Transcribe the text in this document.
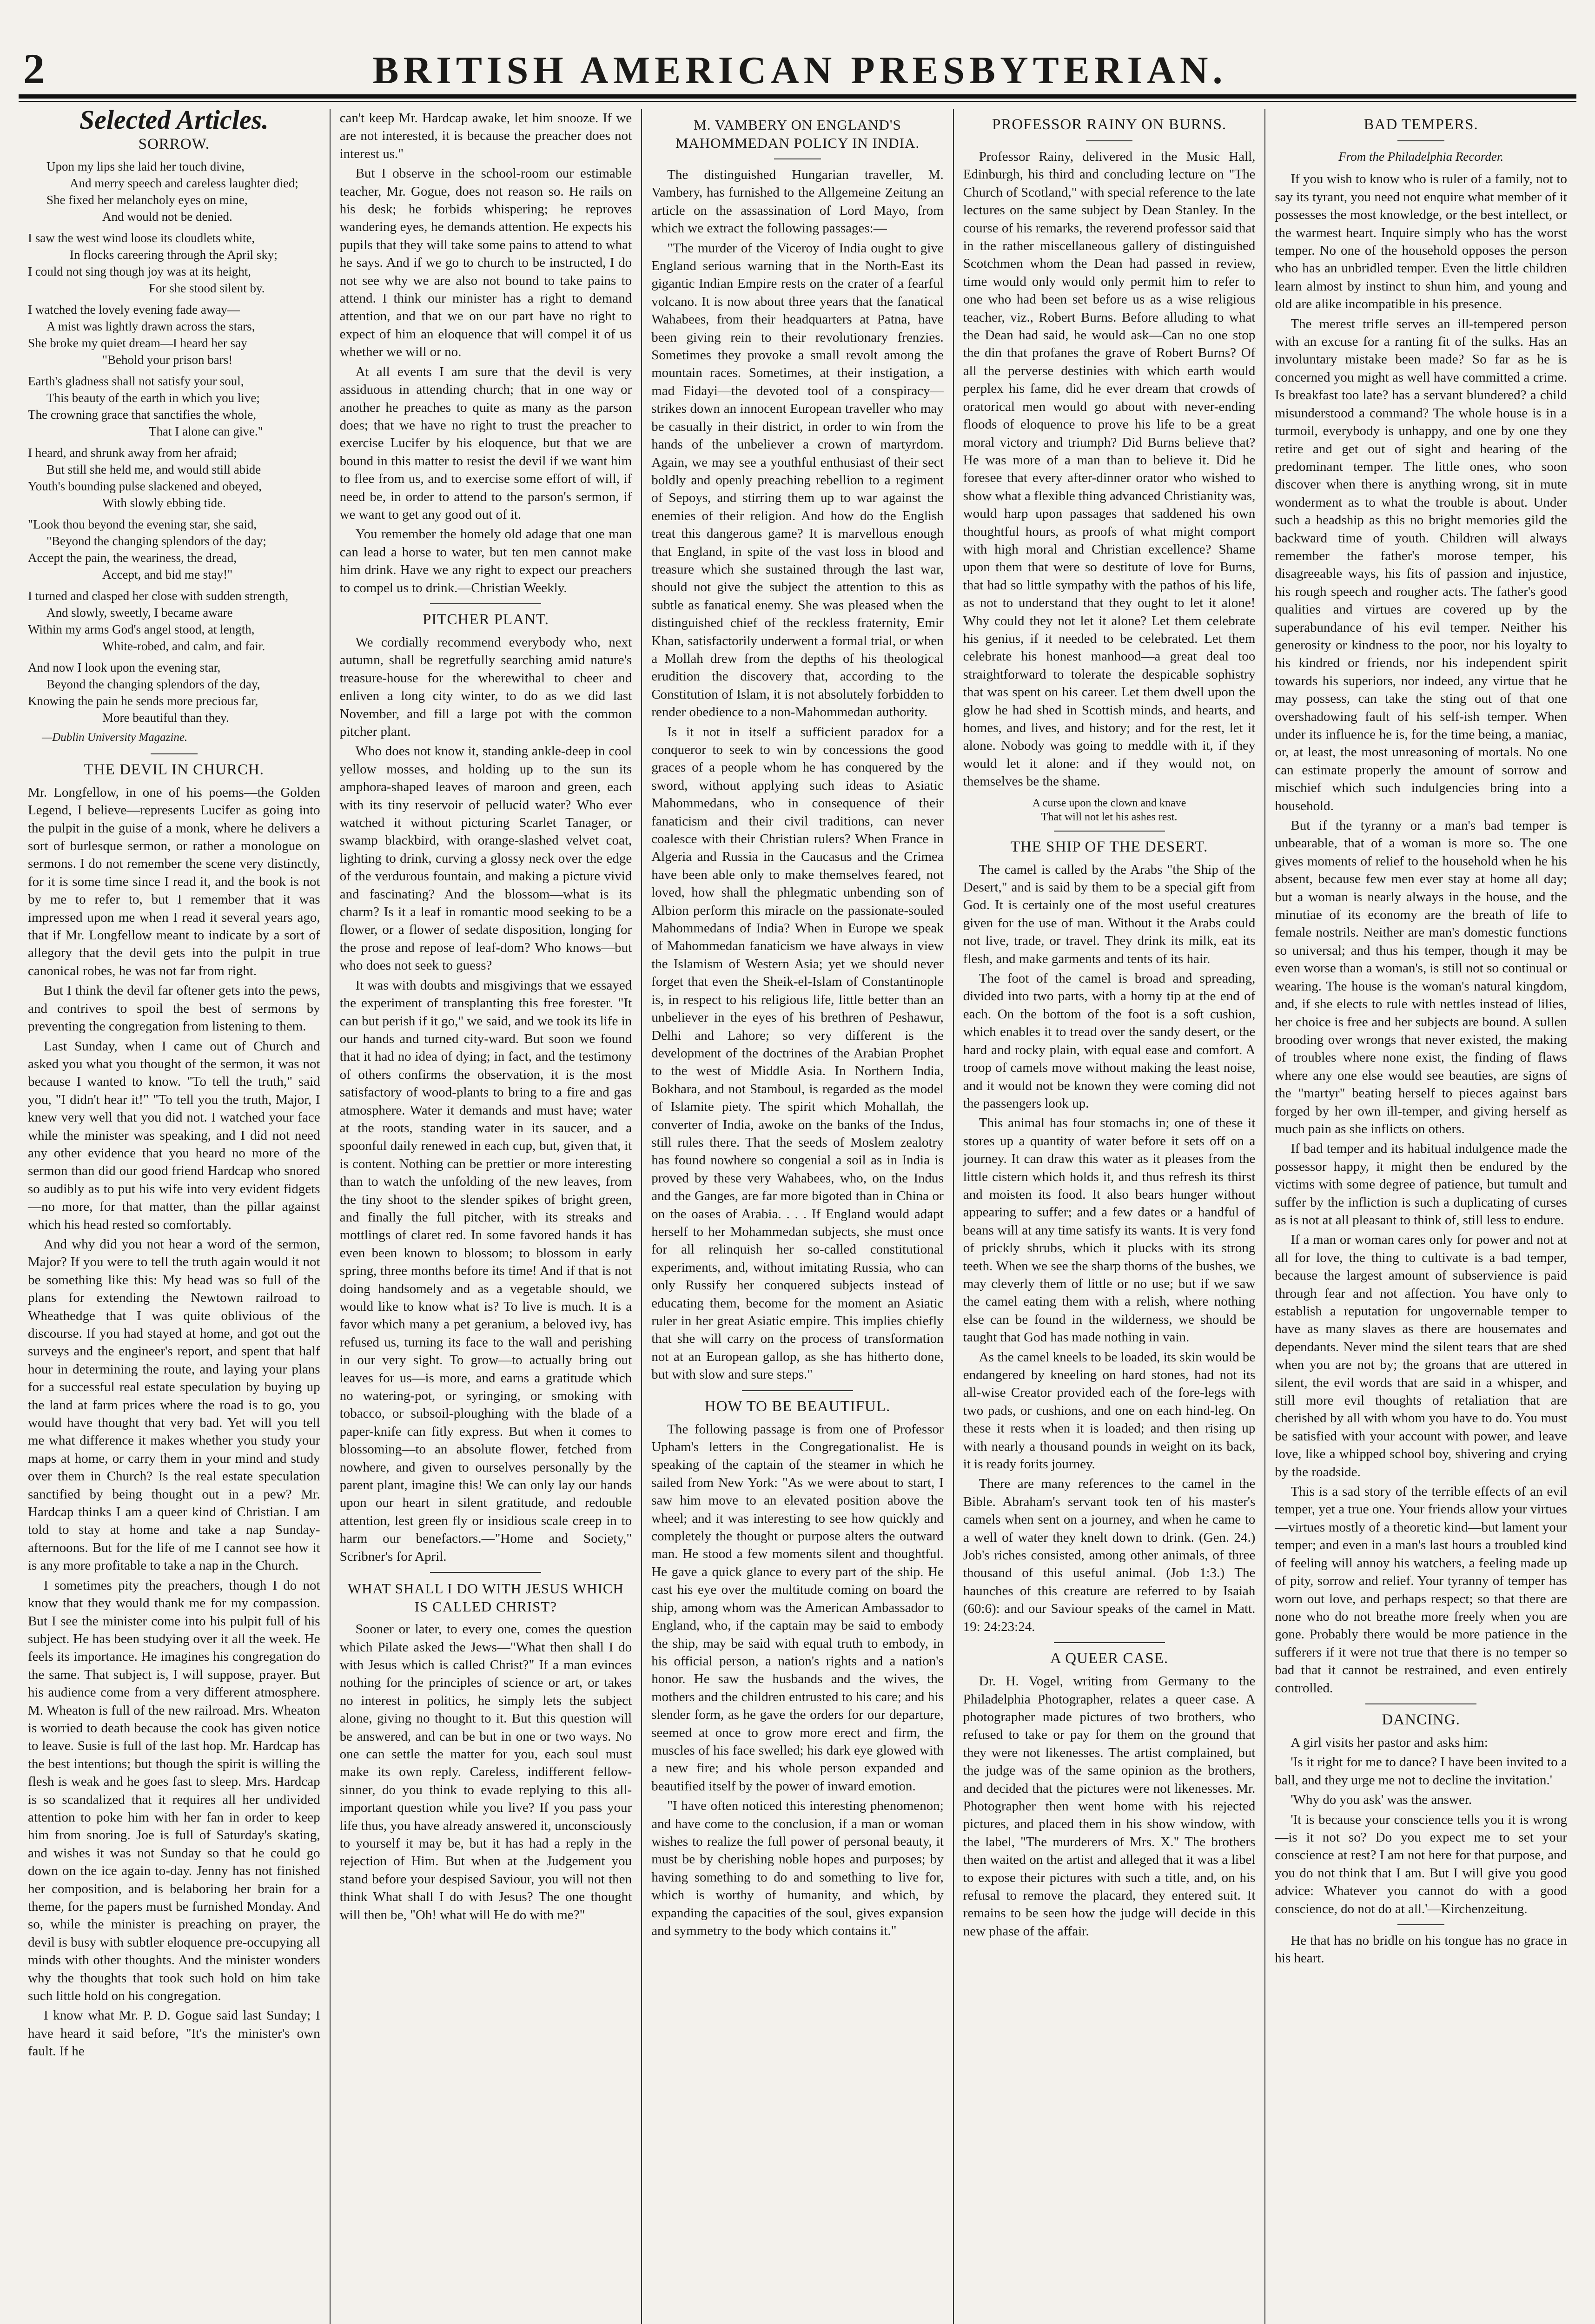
2	BRITISH AMERICAN PRESBYTERIAN.
Selected Articles.
SORROW.
Upon my lips she laid her touch divine,
And merry speech and careless laughter died;
She fixed her melancholy eyes on mine,
And would not be denied.
I saw the west wind loose its cloudlets white,
In flocks careering through the April sky;
I could not sing though joy was at its height,
For she stood silent by.
I watched the lovely evening fade away—
A mist was lightly drawn across the stars,
She broke my quiet dream—I heard her say
"Behold your prison bars!
Earth's gladness shall not satisfy your soul,
This beauty of the earth in which you live;
The crowning grace that sanctifies the whole,
That I alone can give."
I heard, and shrunk away from her afraid;
But still she held me, and would still abide
Youth's bounding pulse slackened and obeyed,
With slowly ebbing tide.
"Look thou beyond the evening star, she said,
"Beyond the changing splendors of the day;
Accept the pain, the weariness, the dread,
Accept, and bid me stay!"
I turned and clasped her close with sudden strength,
And slowly, sweetly, I became aware
Within my arms God's angel stood, at length,
White-robed, and calm, and fair.
And now I look upon the evening star,
Beyond the changing splendors of the day,
Knowing the pain he sends more precious far,
More beautiful than they.
—Dublin University Magazine.
THE DEVIL IN CHURCH.

Mr. Longfellow, in one of his poems—the Golden Legend, I believe—represents Lucifer as going into the pulpit in the guise of a monk, where he delivers a sort of burlesque sermon, or rather a monologue on sermons. I do not remember the scene very distinctly, for it is some time since I read it, and the book is not by me to refer to, but I remember that it was impressed upon me when I read it several years ago, that if Mr. Longfellow meant to indicate by a sort of allegory that the devil gets into the pulpit in true canonical robes, he was not far from right.

But I think the devil far oftener gets into the pews, and contrives to spoil the best of sermons by preventing the congregation from listening to them.

Last Sunday, when I came out of Church and asked you what you thought of the sermon, it was not because I wanted to know. "To tell the truth," said you, "I didn't hear it!" "To tell you the truth, Major, I knew very well that you did not. I watched your face while the minister was speaking, and I did not need any other evidence that you heard no more of the sermon than did our good friend Hardcap who snored so audibly as to put his wife into very evident fidgets—no more, for that matter, than the pillar against which his head rested so comfortably.

And why did you not hear a word of the sermon, Major? If you were to tell the truth again would it not be something like this: My head was so full of the plans for extending the Newtown railroad to Wheathedge that I was quite oblivious of the discourse. If you had stayed at home, and got out the surveys and the engineer's report, and spent that half hour in determining the route, and laying your plans for a successful real estate speculation by buying up the land at farm prices where the road is to go, you would have thought that very bad. Yet will you tell me what difference it makes whether you study your maps at home, or carry them in your mind and study over them in Church? Is the real estate speculation sanctified by being thought out in a pew? Mr. Hardcap thinks I am a queer kind of Christian. I am told to stay at home and take a nap Sunday-afternoons. But for the life of me I cannot see how it is any more profitable to take a nap in the Church.

I sometimes pity the preachers, though I do not know that they would thank me for my compassion. But I see the minister come into his pulpit full of his subject. He has been studying over it all the week. He feels its importance. He imagines his congregation do the same. That subject is, I will suppose, prayer. But his audience come from a very different atmosphere. M. Wheaton is full of the new railroad. Mrs. Wheaton is worried to death because the cook has given notice to leave. Susie is full of the last hop. Mr. Hardcap has the best intentions; but though the spirit is willing the flesh is weak and he goes fast to sleep. Mrs. Hardcap is so scandalized that it requires all her undivided attention to poke him with her fan in order to keep him from snoring. Joe is full of Saturday's skating, and wishes it was not Sunday so that he could go down on the ice again to-day. Jenny has not finished her composition, and is belaboring her brain for a theme, for the papers must be furnished Monday. And so, while the minister is preaching on prayer, the devil is busy with subtler eloquence pre-occupying all minds with other thoughts. And the minister wonders why the thoughts that took such hold on him take such little hold on his congregation.

I know what Mr. P. D. Gogue said last Sunday; I have heard it said before, "It's the minister's own fault. If he

can't keep Mr. Hardcap awake, let him snooze. If we are not interested, it is because the preacher does not interest us."

But I observe in the school-room our estimable teacher, Mr. Gogue, does not reason so. He rails on his desk; he forbids whispering; he reproves wandering eyes, he demands attention. He expects his pupils that they will take some pains to attend to what he says. And if we go to church to be instructed, I do not see why we are also not bound to take pains to attend. I think our minister has a right to demand attention, and that we on our part have no right to expect of him an eloquence that will compel it of us whether we will or no.

At all events I am sure that the devil is very assiduous in attending church; that in one way or another he preaches to quite as many as the parson does; that we have no right to trust the preacher to exercise Lucifer by his eloquence, but that we are bound in this matter to resist the devil if we want him to flee from us, and to exercise some effort of will, if need be, in order to attend to the parson's sermon, if we want to get any good out of it.

You remember the homely old adage that one man can lead a horse to water, but ten men cannot make him drink. Have we any right to expect our preachers to compel us to drink.—Christian Weekly.

PITCHER PLANT.

We cordially recommend everybody who, next autumn, shall be regretfully searching amid nature's treasure-house for the wherewithal to cheer and enliven a long city winter, to do as we did last November, and fill a large pot with the common pitcher plant.

Who does not know it, standing ankle-deep in cool yellow mosses, and holding up to the sun its amphora-shaped leaves of maroon and green, each with its tiny reservoir of pellucid water? Who ever watched it without picturing Scarlet Tanager, or swamp blackbird, with orange-slashed velvet coat, lighting to drink, curving a glossy neck over the edge of the verdurous fountain, and making a picture vivid and fascinating? And the blossom—what is its charm? Is it a leaf in romantic mood seeking to be a flower, or a flower of sedate disposition, longing for the prose and repose of leaf-dom? Who knows—but who does not seek to guess?

It was with doubts and misgivings that we essayed the experiment of transplanting this free forester. "It can but perish if it go," we said, and we took its life in our hands and turned city-ward. But soon we found that it had no idea of dying; in fact, and the testimony of others confirms the observation, it is the most satisfactory of wood-plants to bring to a fire and gas atmosphere. Water it demands and must have; water at the roots, standing water in its saucer, and a spoonful daily renewed in each cup, but, given that, it is content. Nothing can be prettier or more interesting than to watch the unfolding of the new leaves, from the tiny shoot to the slender spikes of bright green, and finally the full pitcher, with its streaks and mottlings of claret red. In some favored hands it has even been known to blossom; to blossom in early spring, three months before its time! And if that is not doing handsomely and as a vegetable should, we would like to know what is? To live is much. It is a favor which many a pet geranium, a beloved ivy, has refused us, turning its face to the wall and perishing in our very sight. To grow—to actually bring out leaves for us—is more, and earns a gratitude which no watering-pot, or syringing, or smoking with tobacco, or subsoil-ploughing with the blade of a paper-knife can fitly express. But when it comes to blossoming—to an absolute flower, fetched from nowhere, and given to ourselves personally by the parent plant, imagine this! We can only lay our hands upon our heart in silent gratitude, and redouble attention, lest green fly or insidious scale creep in to harm our benefactors.—"Home and Society," Scribner's for April.

WHAT SHALL I DO WITH JESUS WHICH IS CALLED CHRIST?

Sooner or later, to every one, comes the question which Pilate asked the Jews—"What then shall I do with Jesus which is called Christ?" If a man evinces nothing for the principles of science or art, or takes no interest in politics, he simply lets the subject alone, giving no thought to it. But this question will be answered, and can be but in one or two ways. No one can settle the matter for you, each soul must make its own reply. Careless, indifferent fellow-sinner, do you think to evade replying to this all-important question while you live? If you pass your life thus, you have already answered it, unconsciously to yourself it may be, but it has had a reply in the rejection of Him. But when at the Judgement you stand before your despised Saviour, you will not then think What shall I do with Jesus? The one thought will then be, "Oh! what will He do with me?"

M. VAMBERY ON ENGLAND'S MAHOMMEDAN POLICY IN INDIA.

The distinguished Hungarian traveller, M. Vambery, has furnished to the Allgemeine Zeitung an article on the assassination of Lord Mayo, from which we extract the following passages:—

"The murder of the Viceroy of India ought to give England serious warning that in the North-East its gigantic Indian Empire rests on the crater of a fearful volcano. It is now about three years that the fanatical Wahabees, from their headquarters at Patna, have been giving rein to their revolutionary frenzies. Sometimes they provoke a small revolt among the mountain races. Sometimes, at their instigation, a mad Fidayi—the devoted tool of a conspiracy—strikes down an innocent European traveller who may be casually in their district, in order to win from the hands of the unbeliever a crown of martyrdom. Again, we may see a youthful enthusiast of their sect boldly and openly preaching rebellion to a regiment of Sepoys, and stirring them up to war against the enemies of their religion. And how do the English treat this dangerous game? It is marvellous enough that England, in spite of the vast loss in blood and treasure which she sustained through the last war, should not give the subject the attention to this as subtle as fanatical enemy. She was pleased when the distinguished chief of the reckless fraternity, Emir Khan, satisfactorily underwent a formal trial, or when a Mollah drew from the depths of his theological erudition the discovery that, according to the Constitution of Islam, it is not absolutely forbidden to render obedience to a non-Mahommedan authority.

Is it not in itself a sufficient paradox for a conqueror to seek to win by concessions the good graces of a people whom he has conquered by the sword, without applying such ideas to Asiatic Mahommedans, who in consequence of their fanaticism and their civil traditions, can never coalesce with their Christian rulers? When France in Algeria and Russia in the Caucasus and the Crimea have been able only to make themselves feared, not loved, how shall the phlegmatic unbending son of Albion perform this miracle on the passionate-souled Mahommedans of India? When in Europe we speak of Mahommedan fanaticism we have always in view the Islamism of Western Asia; yet we should never forget that even the Sheik-el-Islam of Constantinople is, in respect to his religious life, little better than an unbeliever in the eyes of his brethren of Peshawur, Delhi and Lahore; so very different is the development of the doctrines of the Arabian Prophet to the west of Middle Asia. In Northern India, Bokhara, and not Stamboul, is regarded as the model of Islamite piety. The spirit which Mohallah, the converter of India, awoke on the banks of the Indus, still rules there. That the seeds of Moslem zealotry has found nowhere so congenial a soil as in India is proved by these very Wahabees, who, on the Indus and the Ganges, are far more bigoted than in China or on the oases of Arabia. . . . If England would adapt herself to her Mohammedan subjects, she must once for all relinquish her so-called constitutional experiments, and, without imitating Russia, who can only Russify her conquered subjects instead of educating them, become for the moment an Asiatic ruler in her great Asiatic empire. This implies chiefly that she will carry on the process of transformation not at an European gallop, as she has hitherto done, but with slow and sure steps."

HOW TO BE BEAUTIFUL.

The following passage is from one of Professor Upham's letters in the Congregationalist. He is speaking of the captain of the steamer in which he sailed from New York: "As we were about to start, I saw him move to an elevated position above the wheel; and it was interesting to see how quickly and completely the thought or purpose alters the outward man. He stood a few moments silent and thoughtful. He gave a quick glance to every part of the ship. He cast his eye over the multitude coming on board the ship, among whom was the American Ambassador to England, who, if the captain may be said to embody the ship, may be said with equal truth to embody, in his official person, a nation's rights and a nation's honor. He saw the husbands and the wives, the mothers and the children entrusted to his care; and his slender form, as he gave the orders for our departure, seemed at once to grow more erect and firm, the muscles of his face swelled; his dark eye glowed with a new fire; and his whole person expanded and beautified itself by the power of inward emotion.

"I have often noticed this interesting phenomenon; and have come to the conclusion, if a man or woman wishes to realize the full power of personal beauty, it must be by cherishing noble hopes and purposes; by having something to do and something to live for, which is worthy of humanity, and which, by expanding the capacities of the soul, gives expansion and symmetry to the body which contains it."

PROFESSOR RAINY ON BURNS.

Professor Rainy, delivered in the Music Hall, Edinburgh, his third and concluding lecture on "The Church of Scotland," with special reference to the late lectures on the same subject by Dean Stanley. In the course of his remarks, the reverend professor said that in the rather miscellaneous gallery of distinguished Scotchmen whom the Dean had passed in review, time would only would only permit him to refer to one who had been set before us as a wise religious teacher, viz., Robert Burns. Before alluding to what the Dean had said, he would ask—Can no one stop the din that profanes the grave of Robert Burns? Of all the perverse destinies with which earth would perplex his fame, did he ever dream that crowds of oratorical men would go about with never-ending floods of eloquence to prove his life to be a great moral victory and triumph? Did Burns believe that? He was more of a man than to believe it. Did he foresee that every after-dinner orator who wished to show what a flexible thing advanced Christianity was, would harp upon passages that saddened his own thoughtful hours, as proofs of what might comport with high moral and Christian excellence? Shame upon them that were so destitute of love for Burns, that had so little sympathy with the pathos of his life, as not to understand that they ought to let it alone! Why could they not let it alone? Let them celebrate his genius, if it needed to be celebrated. Let them celebrate his honest manhood—a great deal too straightforward to tolerate the despicable sophistry that was spent on his career. Let them dwell upon the glow he had shed in Scottish minds, and hearts, and homes, and lives, and history; and for the rest, let it alone. Nobody was going to meddle with it, if they would let it alone: and if they would not, on themselves be the shame.

A curse upon the clown and knave
That will not let his ashes rest.
THE SHIP OF THE DESERT.

The camel is called by the Arabs "the Ship of the Desert," and is said by them to be a special gift from God. It is certainly one of the most useful creatures given for the use of man. Without it the Arabs could not live, trade, or travel. They drink its milk, eat its flesh, and make garments and tents of its hair.

The foot of the camel is broad and spreading, divided into two parts, with a horny tip at the end of each. On the bottom of the foot is a soft cushion, which enables it to tread over the sandy desert, or the hard and rocky plain, with equal ease and comfort. A troop of camels move without making the least noise, and it would not be known they were coming did not the passengers look up.

This animal has four stomachs in; one of these it stores up a quantity of water before it sets off on a journey. It can draw this water as it pleases from the little cistern which holds it, and thus refresh its thirst and moisten its food. It also bears hunger without appearing to suffer; and a few dates or a handful of beans will at any time satisfy its wants. It is very fond of prickly shrubs, which it plucks with its strong teeth. When we see the sharp thorns of the bushes, we may cleverly them of little or no use; but if we saw the camel eating them with a relish, where nothing else can be found in the wilderness, we should be taught that God has made nothing in vain.

As the camel kneels to be loaded, its skin would be endangered by kneeling on hard stones, had not its all-wise Creator provided each of the fore-legs with two pads, or cushions, and one on each hind-leg. On these it rests when it is loaded; and then rising up with nearly a thousand pounds in weight on its back, it is ready forits journey.

There are many references to the camel in the Bible. Abraham's servant took ten of his master's camels when sent on a journey, and when he came to a well of water they knelt down to drink. (Gen. 24.) Job's riches consisted, among other animals, of three thousand of this useful animal. (Job 1:3.) The haunches of this creature are referred to by Isaiah (60:6): and our Saviour speaks of the camel in Matt. 19: 24:23:24.

A QUEER CASE.

Dr. H. Vogel, writing from Germany to the Philadelphia Photographer, relates a queer case. A photographer made pictures of two brothers, who refused to take or pay for them on the ground that they were not likenesses. The artist complained, but the judge was of the same opinion as the brothers, and decided that the pictures were not likenesses. Mr. Photographer then went home with his rejected pictures, and placed them in his show window, with the label, "The murderers of Mrs. X." The brothers then waited on the artist and alleged that it was a libel to expose their pictures with such a title, and, on his refusal to remove the placard, they entered suit. It remains to be seen how the judge will decide in this new phase of the affair.

BAD TEMPERS.
From the Philadelphia Recorder.

If you wish to know who is ruler of a family, not to say its tyrant, you need not enquire what member of it possesses the most knowledge, or the best intellect, or the warmest heart. Inquire simply who has the worst temper. No one of the household opposes the person who has an unbridled temper. Even the little children learn almost by instinct to shun him, and young and old are alike incompatible in his presence.

The merest trifle serves an ill-tempered person with an excuse for a ranting fit of the sulks. Has an involuntary mistake been made? So far as he is concerned you might as well have committed a crime. Is breakfast too late? has a servant blundered? a child misunderstood a command? The whole house is in a turmoil, everybody is unhappy, and one by one they retire and get out of sight and hearing of the predominant temper. The little ones, who soon discover when there is anything wrong, sit in mute wonderment as to what the trouble is about. Under such a headship as this no bright memories gild the backward time of youth. Children will always remember the father's morose temper, his disagreeable ways, his fits of passion and injustice, his rough speech and rougher acts. The father's good qualities and virtues are covered up by the superabundance of his evil temper. Neither his generosity or kindness to the poor, nor his loyalty to his kindred or friends, nor his independent spirit towards his superiors, nor indeed, any virtue that he may possess, can take the sting out of that one overshadowing fault of his self-ish temper. When under its influence he is, for the time being, a maniac, or, at least, the most unreasoning of mortals. No one can estimate properly the amount of sorrow and mischief which such indulgencies bring into a household.

But if the tyranny or a man's bad temper is unbearable, that of a woman is more so. The one gives moments of relief to the household when he his absent, because few men ever stay at home all day; but a woman is nearly always in the house, and the minutiae of its economy are the breath of life to female nostrils. Neither are man's domestic functions so universal; and thus his temper, though it may be even worse than a woman's, is still not so continual or wearing. The house is the woman's natural kingdom, and, if she elects to rule with nettles instead of lilies, her choice is free and her subjects are bound. A sullen brooding over wrongs that never existed, the making of troubles where none exist, the finding of flaws where any one else would see beauties, are signs of the "martyr" beating herself to pieces against bars forged by her own ill-temper, and giving herself as much pain as she inflicts on others.

If bad temper and its habitual indulgence made the possessor happy, it might then be endured by the victims with some degree of patience, but tumult and suffer by the infliction is such a duplicating of curses as is not at all pleasant to think of, still less to endure.

If a man or woman cares only for power and not at all for love, the thing to cultivate is a bad temper, because the largest amount of subservience is paid through fear and not affection. You have only to establish a reputation for ungovernable temper to have as many slaves as there are housemates and dependants. Never mind the silent tears that are shed when you are not by; the groans that are uttered in silent, the evil words that are said in a whisper, and still more evil thoughts of retaliation that are cherished by all with whom you have to do. You must be satisfied with your account with power, and leave love, like a whipped school boy, shivering and crying by the roadside.

This is a sad story of the terrible effects of an evil temper, yet a true one. Your friends allow your virtues—virtues mostly of a theoretic kind—but lament your temper; and even in a man's last hours a troubled kind of feeling will annoy his watchers, a feeling made up of pity, sorrow and relief. Your tyranny of temper has worn out love, and perhaps respect; so that there are none who do not breathe more freely when you are gone. Probably there would be more patience in the sufferers if it were not true that there is no temper so bad that it cannot be restrained, and even entirely controlled.

DANCING.

A girl visits her pastor and asks him:

'Is it right for me to dance? I have been invited to a ball, and they urge me not to decline the invitation.'

'Why do you ask' was the answer.

'It is because your conscience tells you it is wrong—is it not so? Do you expect me to set your conscience at rest? I am not here for that purpose, and you do not think that I am. But I will give you good advice: Whatever you cannot do with a good conscience, do not do at all.'—Kirchenzeitung.

He that has no bridle on his tongue has no grace in his heart.
